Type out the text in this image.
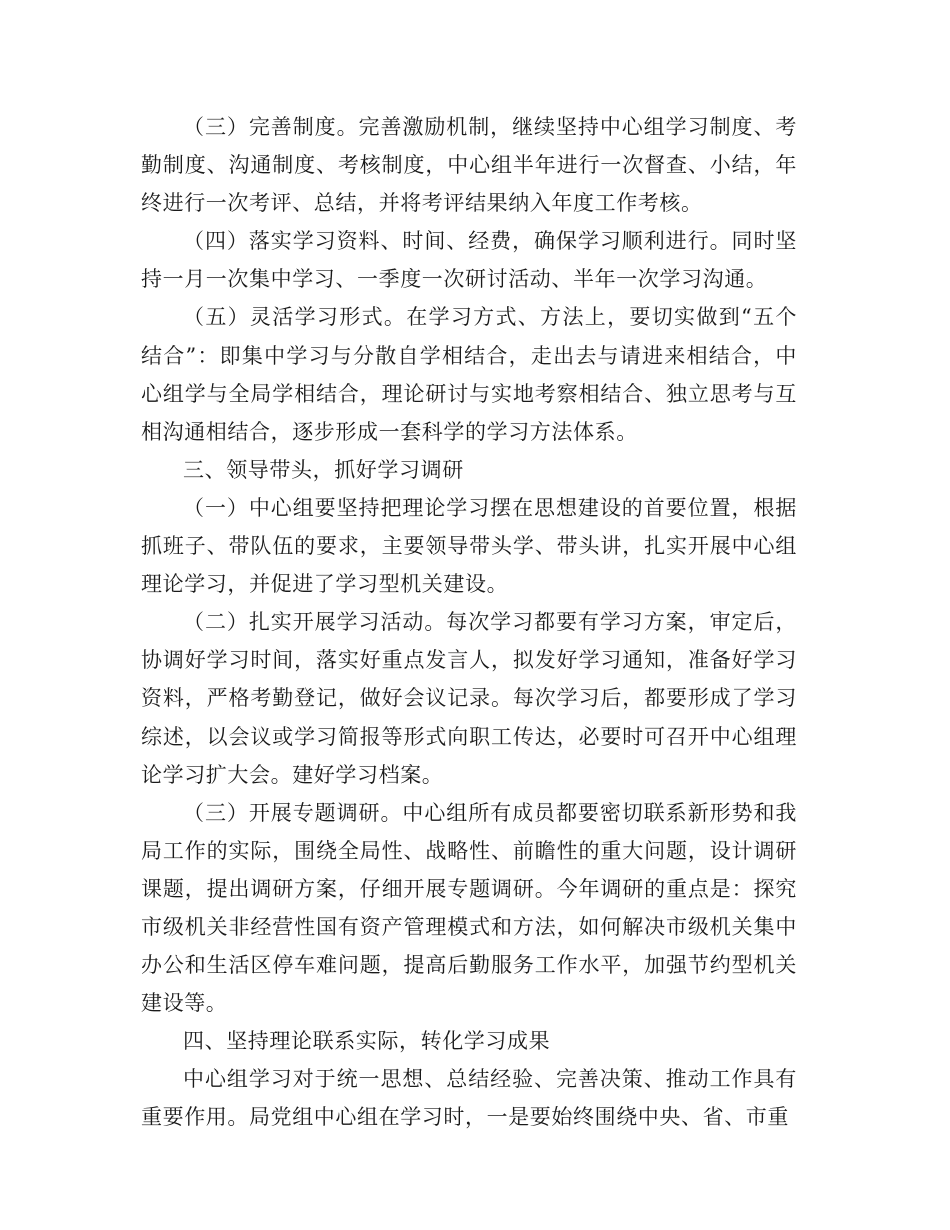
（三）完善制度。完善激励机制，继续坚持中心组学习制度、考勤制度、沟通制度、考核制度，中心组半年进行一次督查、小结，年终进行一次考评、总结，并将考评结果纳入年度工作考核。

（四）落实学习资料、时间、经费，确保学习顺利进行。同时坚持一月一次集中学习、一季度一次研讨活动、半年一次学习沟通。

（五）灵活学习形式。在学习方式、方法上，要切实做到“五个结合”：即集中学习与分散自学相结合，走出去与请进来相结合，中心组学与全局学相结合，理论研讨与实地考察相结合、独立思考与互相沟通相结合，逐步形成一套科学的学习方法体系。

三、领导带头，抓好学习调研

（一）中心组要坚持把理论学习摆在思想建设的首要位置，根据抓班子、带队伍的要求，主要领导带头学、带头讲，扎实开展中心组理论学习，并促进了学习型机关建设。

（二）扎实开展学习活动。每次学习都要有学习方案，审定后，协调好学习时间，落实好重点发言人，拟发好学习通知，准备好学习资料，严格考勤登记，做好会议记录。每次学习后，都要形成了学习综述，以会议或学习简报等形式向职工传达，必要时可召开中心组理论学习扩大会。建好学习档案。

（三）开展专题调研。中心组所有成员都要密切联系新形势和我局工作的实际，围绕全局性、战略性、前瞻性的重大问题，设计调研课题，提出调研方案，仔细开展专题调研。今年调研的重点是：探究市级机关非经营性国有资产管理模式和方法，如何解决市级机关集中办公和生活区停车难问题，提高后勤服务工作水平，加强节约型机关建设等。

四、坚持理论联系实际，转化学习成果

中心组学习对于统一思想、总结经验、完善决策、推动工作具有重要作用。局党组中心组在学习时，一是要始终围绕中央、省、市重
